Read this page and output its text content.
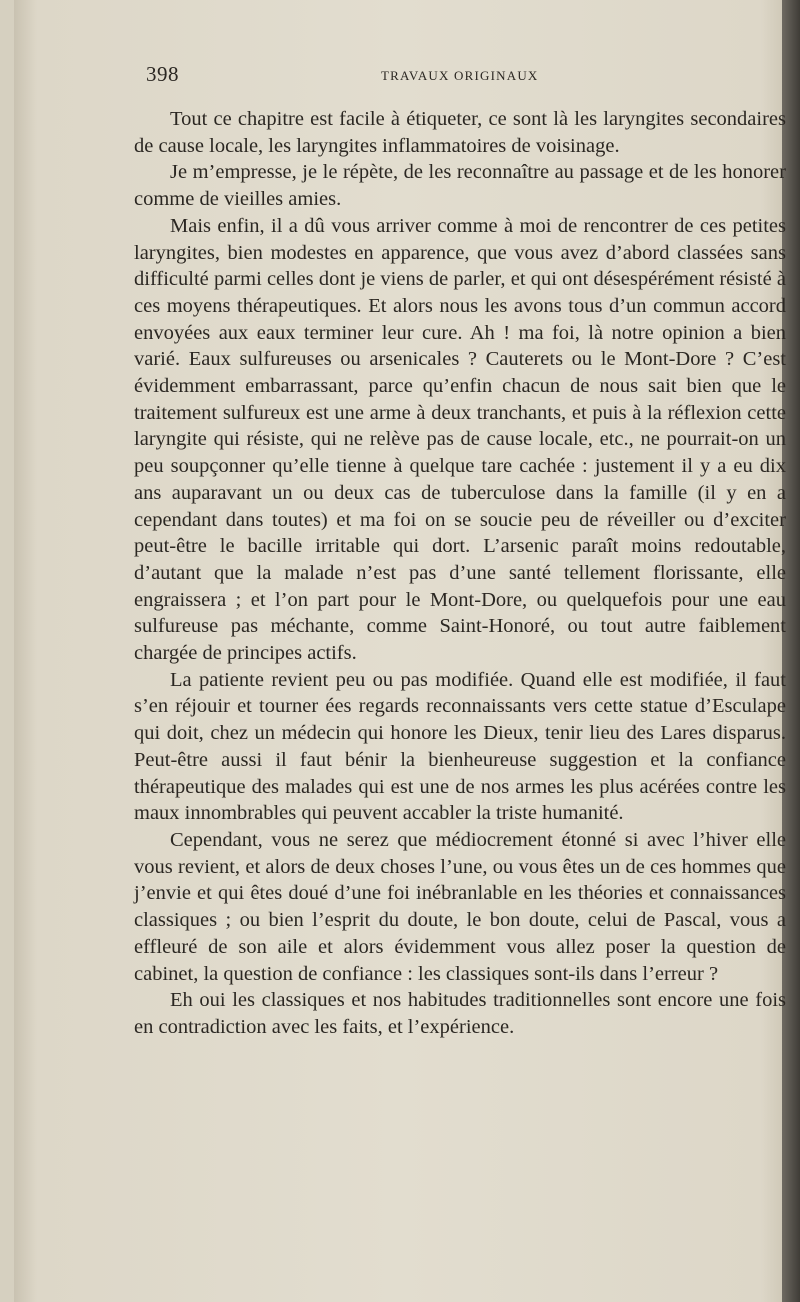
398	TRAVAUX ORIGINAUX

Tout ce chapitre est facile à étiqueter, ce sont là les laryngites secondaires de cause locale, les laryngites inflammatoires de voisinage.

Je m’empresse, je le répète, de les reconnaître au passage et de les honorer comme de vieilles amies.

Mais enfin, il a dû vous arriver comme à moi de rencontrer de ces petites laryngites, bien modestes en apparence, que vous avez d’abord classées sans difficulté parmi celles dont je viens de parler, et qui ont désespérément résisté à ces moyens thérapeutiques. Et alors nous les avons tous d’un commun accord envoyées aux eaux terminer leur cure. Ah ! ma foi, là notre opinion a bien varié. Eaux sulfureuses ou arsenicales ? Cauterets ou le Mont-Dore ? C’est évidemment embarrassant, parce qu’enfin chacun de nous sait bien que le traitement sulfureux est une arme à deux tranchants, et puis à la réflexion cette laryngite qui résiste, qui ne relève pas de cause locale, etc., ne pourrait-on un peu soupçonner qu’elle tienne à quelque tare cachée : justement il y a eu dix ans auparavant un ou deux cas de tuberculose dans la famille (il y en a cependant dans toutes) et ma foi on se soucie peu de réveiller ou d’exciter peut-être le bacille irritable qui dort. L’arsenic paraît moins redoutable, d’autant que la malade n’est pas d’une santé tellement florissante, elle engraissera ; et l’on part pour le Mont-Dore, ou quelquefois pour une eau sulfureuse pas méchante, comme Saint-Honoré, ou tout autre faiblement chargée de principes actifs.

La patiente revient peu ou pas modifiée. Quand elle est modifiée, il faut s’en réjouir et tourner ées regards reconnaissants vers cette statue d’Esculape qui doit, chez un médecin qui honore les Dieux, tenir lieu des Lares disparus. Peut-être aussi il faut bénir la bienheureuse suggestion et la confiance thérapeutique des malades qui est une de nos armes les plus acérées contre les maux innombrables qui peuvent accabler la triste humanité.

Cependant, vous ne serez que médiocrement étonné si avec l’hiver elle vous revient, et alors de deux choses l’une, ou vous êtes un de ces hommes que j’envie et qui êtes doué d’une foi inébranlable en les théories et connaissances classiques ; ou bien l’esprit du doute, le bon doute, celui de Pascal, vous a effleuré de son aile et alors évidemment vous allez poser la question de cabinet, la question de confiance : les classiques sont-ils dans l’erreur ?

Eh oui les classiques et nos habitudes traditionnelles sont encore une fois en contradiction avec les faits, et l’expérience.
